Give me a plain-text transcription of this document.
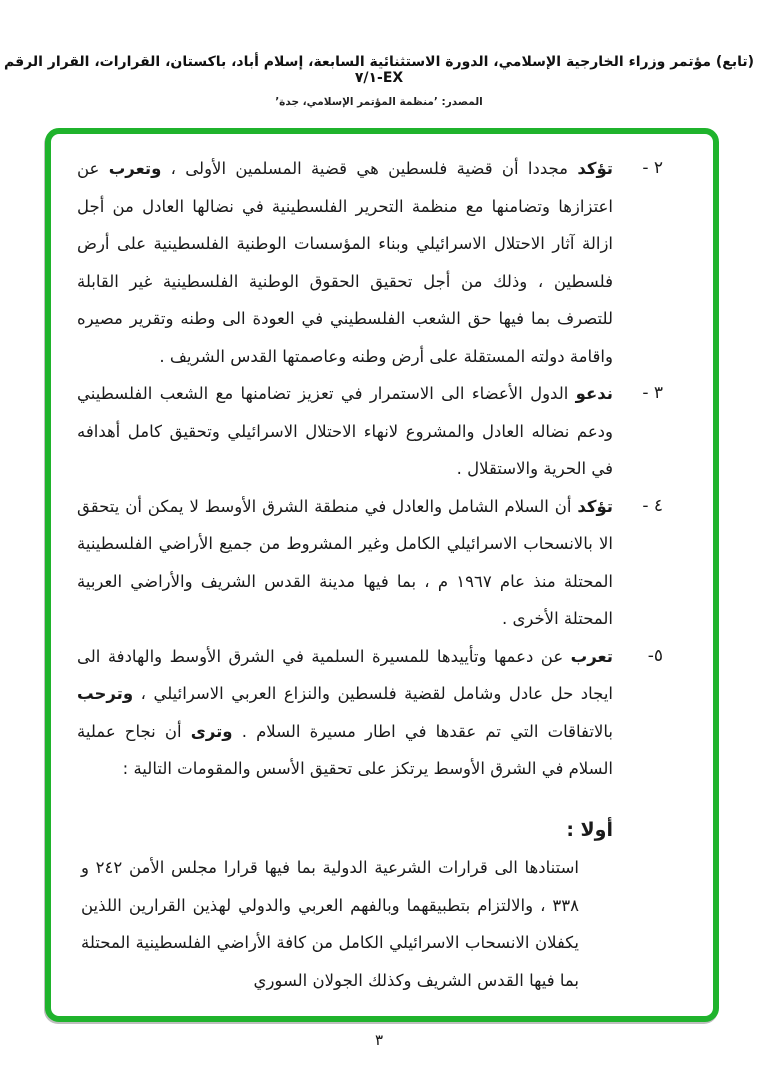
(تابع) مؤتمر وزراء الخارجية الإسلامي، الدورة الاستثنائية السابعة، إسلام أباد، باكستان، القرارات، القرار الرقم EX-٧/١
المصدر: ’منظمة المؤتمر الإسلامي، جدة’
٢ -

تؤكد مجددا أن قضية فلسطين هي قضية المسلمين الأولى ، وتعرب عن اعتزازها وتضامنها مع منظمة التحرير الفلسطينية في نضالها العادل من أجل ازالة آثار الاحتلال الاسرائيلي وبناء المؤسسات الوطنية الفلسطينية على أرض فلسطين ، وذلك من أجل تحقيق الحقوق الوطنية الفلسطينية غير القابلة للتصرف بما فيها حق الشعب الفلسطيني في العودة الى وطنه وتقرير مصيره واقامة دولته المستقلة على أرض وطنه وعاصمتها القدس الشريف .

٣ -

ندعو الدول الأعضاء الى الاستمرار في تعزيز تضامنها مع الشعب الفلسطيني ودعم نضاله العادل والمشروع لانهاء الاحتلال الاسرائيلي وتحقيق كامل أهدافه في الحرية والاستقلال .

٤ -

تؤكد أن السلام الشامل والعادل في منطقة الشرق الأوسط لا يمكن أن يتحقق الا بالانسحاب الاسرائيلي الكامل وغير المشروط من جميع الأراضي الفلسطينية المحتلة منذ عام ١٩٦٧ م ، بما فيها مدينة القدس الشريف والأراضي العربية المحتلة الأخرى .

٥-

تعرب عن دعمها وتأييدها للمسيرة السلمية في الشرق الأوسط والهادفة الى ايجاد حل عادل وشامل لقضية فلسطين والنزاع العربي الاسرائيلي ، وترحب بالاتفاقات التي تم عقدها في اطار مسيرة السلام . وترى أن نجاح عملية السلام في الشرق الأوسط يرتكز على تحقيق الأسس والمقومات التالية :

أولا :

استنادها الى قرارات الشرعية الدولية بما فيها قرارا مجلس الأمن ٢٤٢ و ٣٣٨ ، والالتزام بتطبيقهما وبالفهم العربي والدولي لهذين القرارين اللذين يكفلان الانسحاب الاسرائيلي الكامل من كافة الأراضي الفلسطينية المحتلة بما فيها القدس الشريف وكذلك الجولان السوري

٣
